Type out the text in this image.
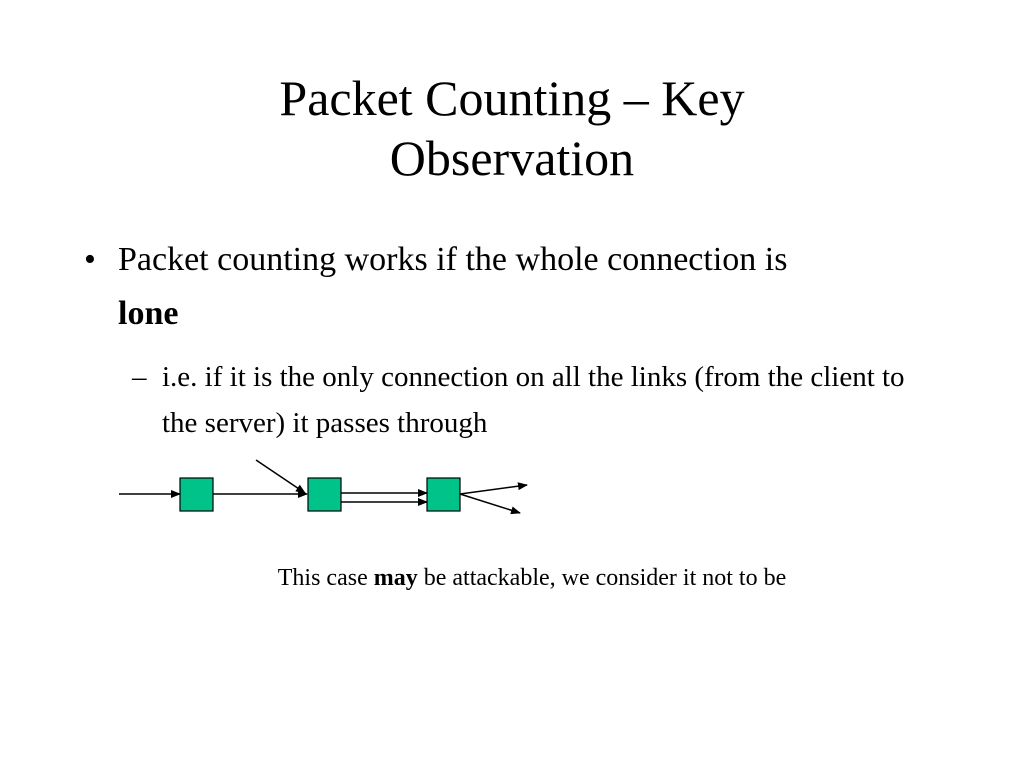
Packet Counting – Key
Observation
• Packet counting works if the whole connection is lone
– i.e. if it is the only connection on all the links (from the client to the server) it passes through
This case may be attackable, we consider it not to be
